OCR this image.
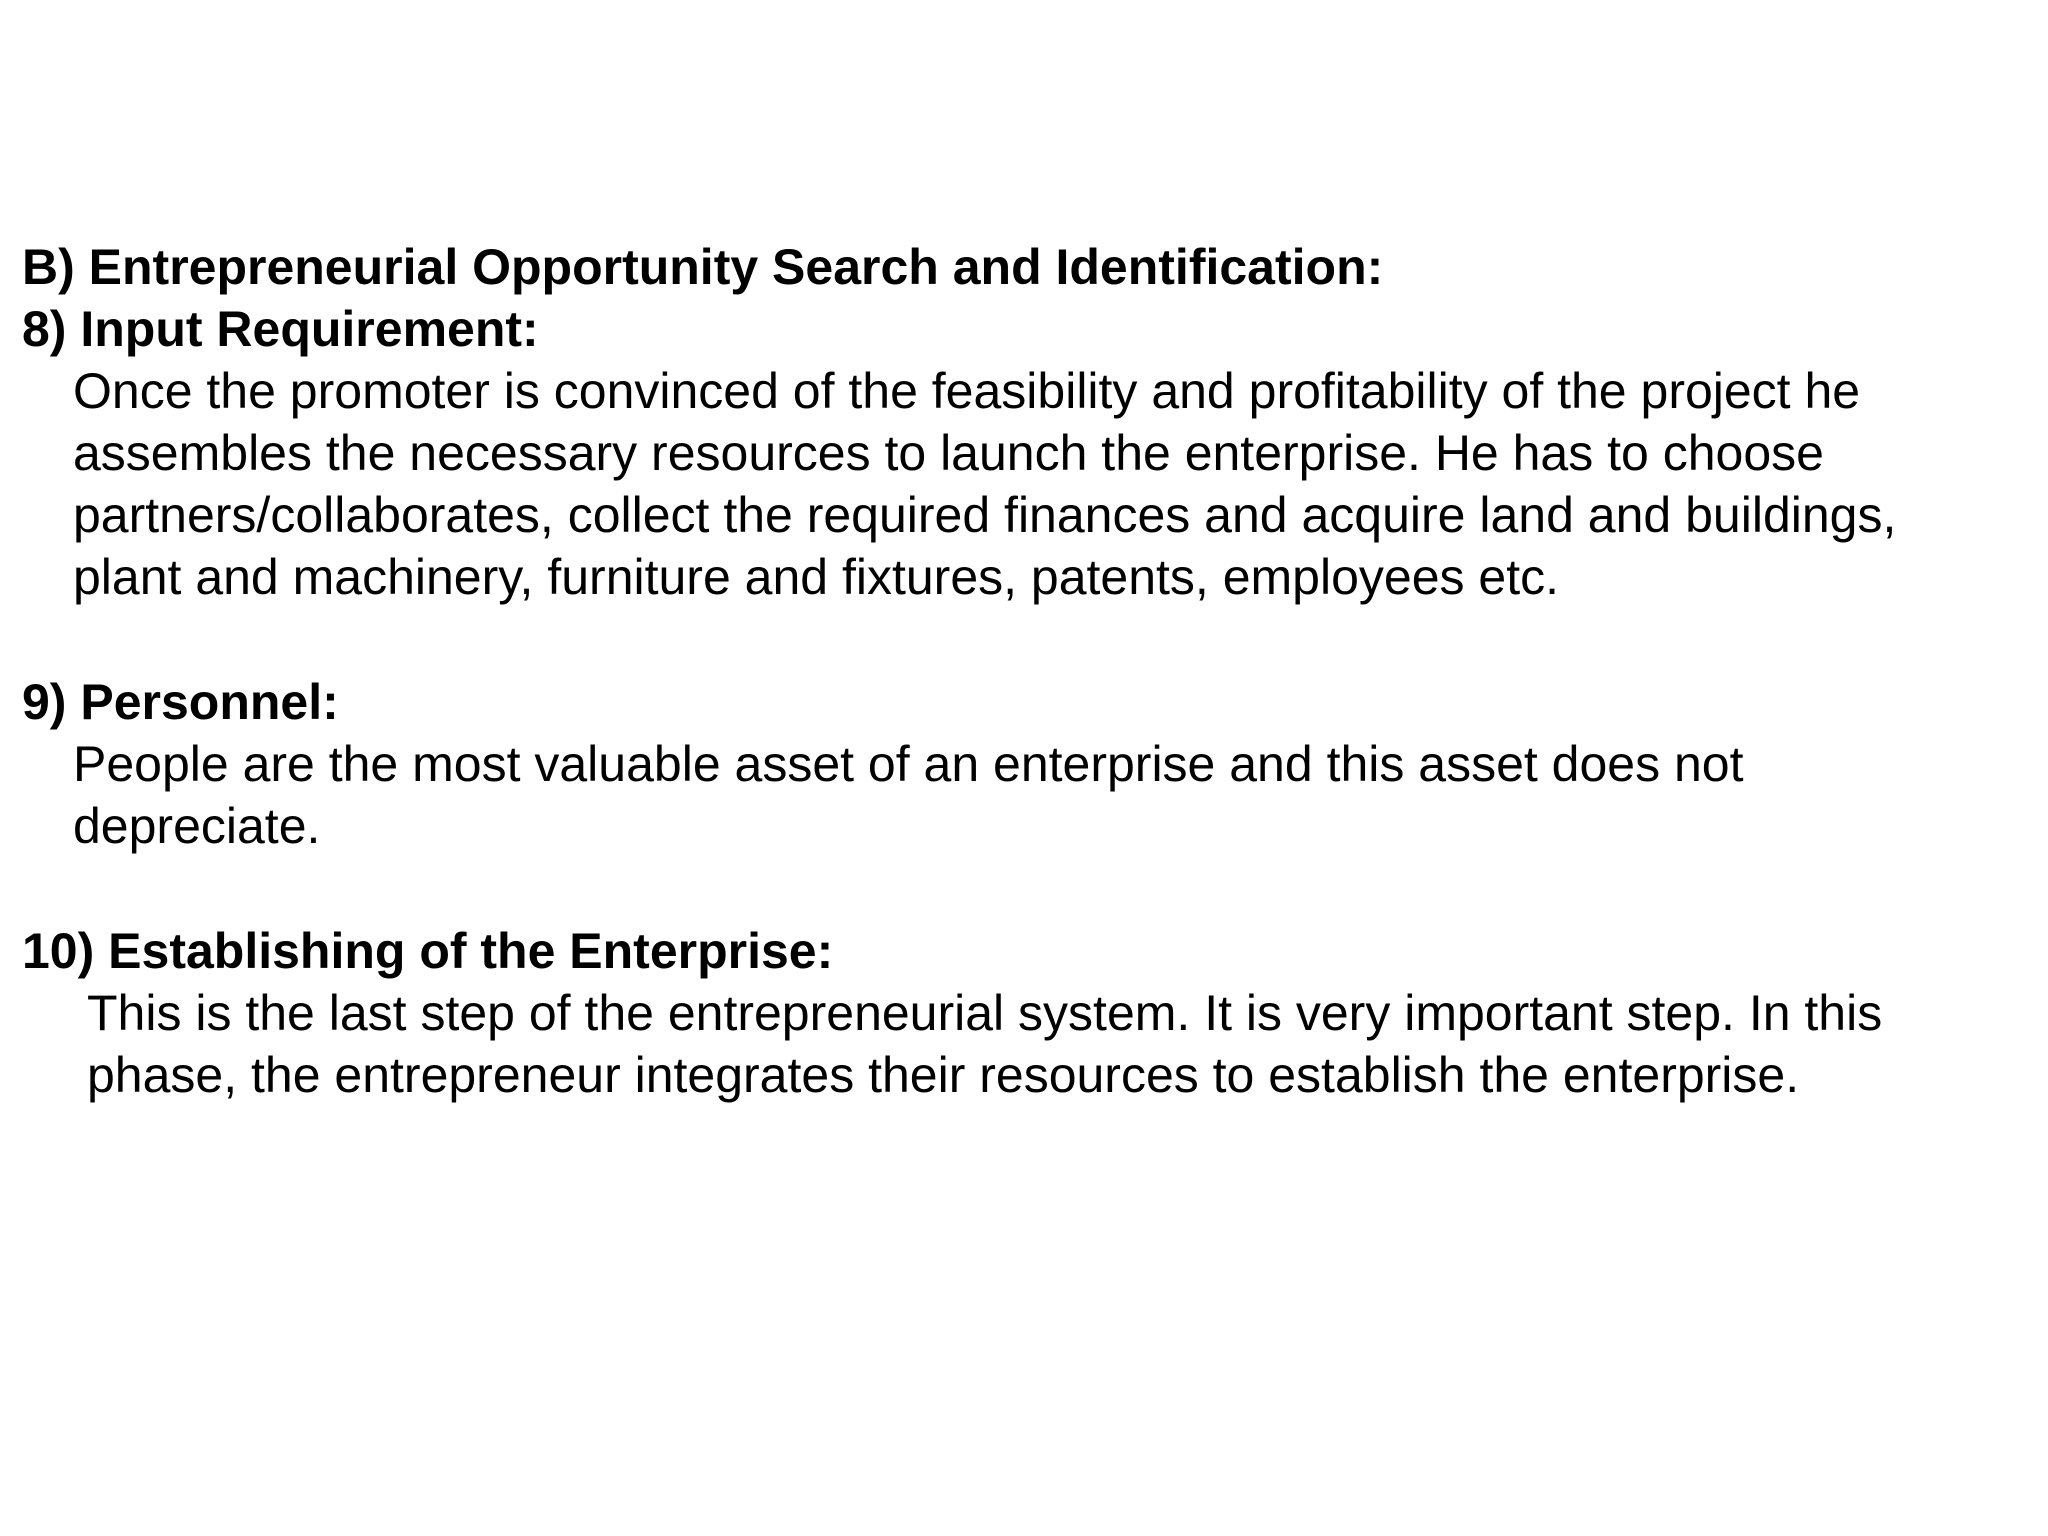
B) Entrepreneurial Opportunity Search and Identification:
8) Input Requirement:
Once the promoter is convinced of the feasibility and profitability of the project he
assembles the necessary resources to launch the enterprise. He has to choose
partners/collaborates, collect the required finances and acquire land and buildings,
plant and machinery, furniture and fixtures, patents, employees etc.
9) Personnel:
People are the most valuable asset of an enterprise and this asset does not
depreciate.
10) Establishing of the Enterprise:
This is the last step of the entrepreneurial system. It is very important step. In this
phase, the entrepreneur integrates their resources to establish the enterprise.
